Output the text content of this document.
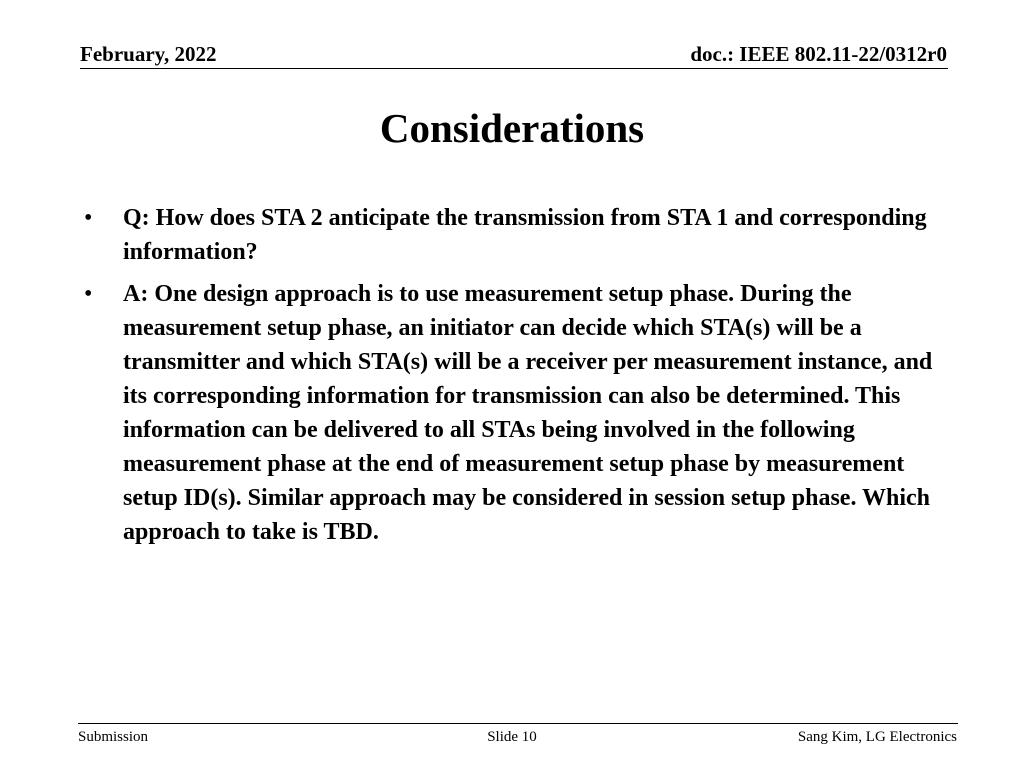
February, 2022	doc.: IEEE 802.11-22/0312r0
Considerations
• Q: How does STA 2 anticipate the transmission from STA 1 and corresponding information?
• A: One design approach is to use measurement setup phase. During the measurement setup phase, an initiator can decide which STA(s) will be a transmitter and which STA(s) will be a receiver per measurement instance, and its corresponding information for transmission can also be determined. This information can be delivered to all STAs being involved in the following measurement phase at the end of measurement setup phase by measurement setup ID(s). Similar approach may be considered in session setup phase. Which approach to take is TBD.
Submission	Slide 10	Sang Kim, LG Electronics
